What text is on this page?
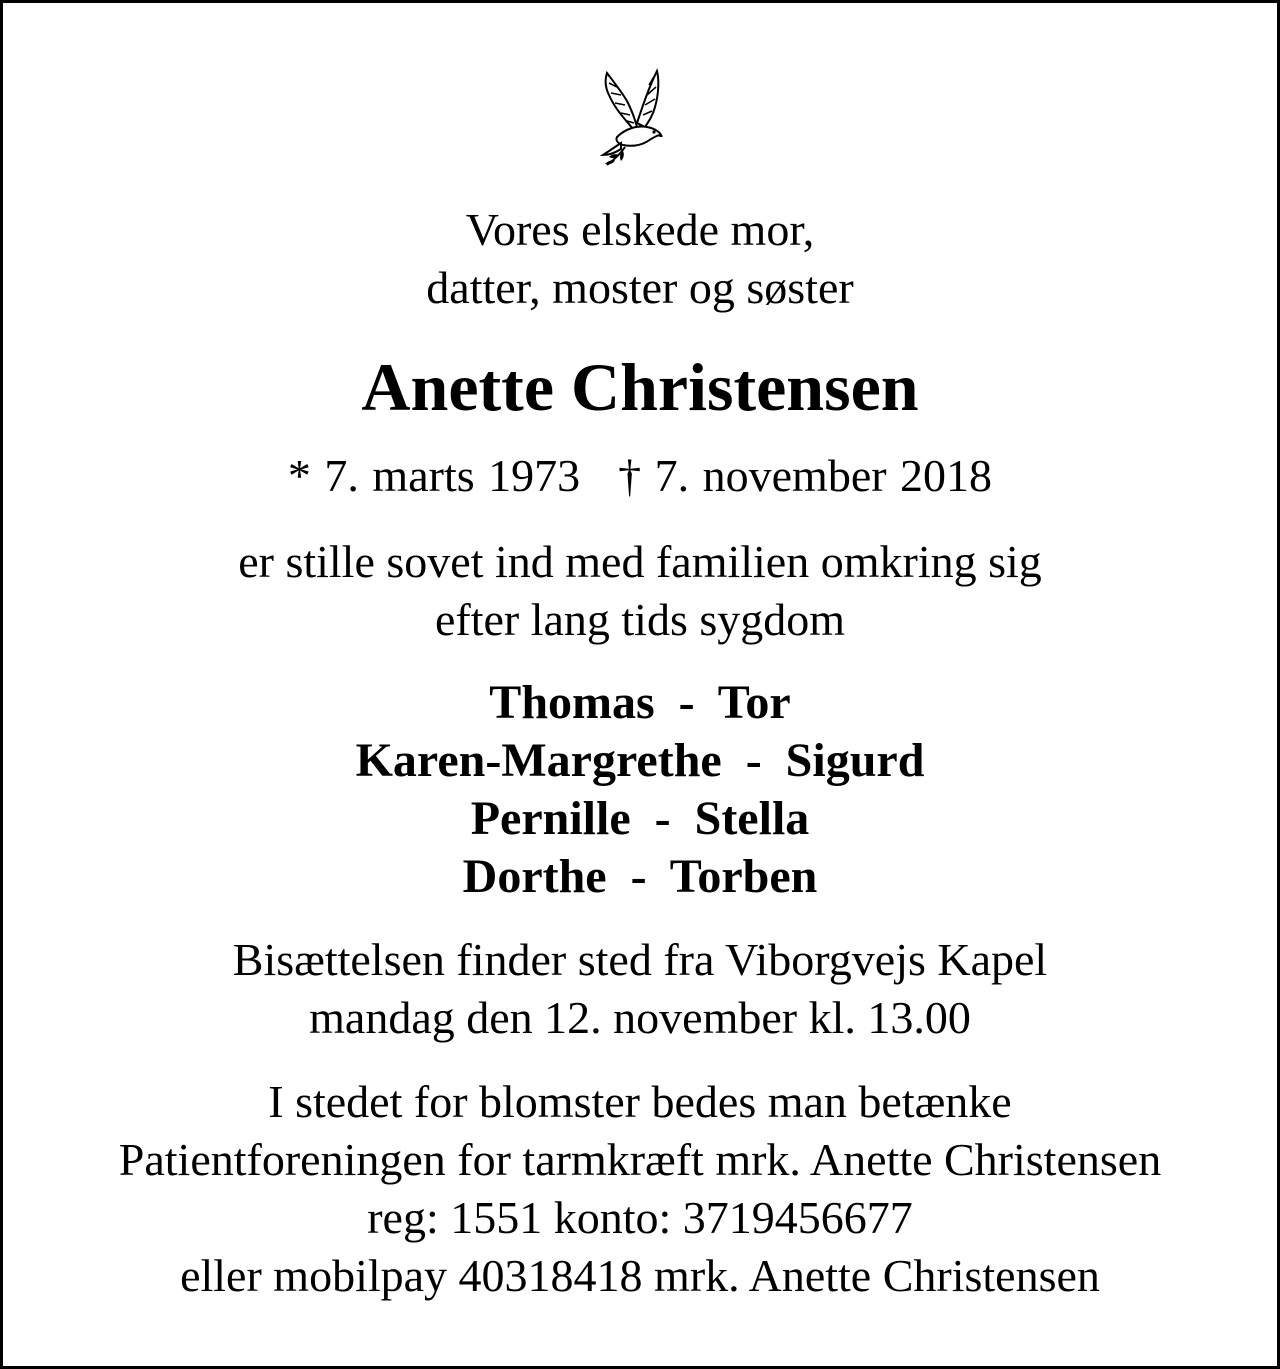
Vores elskede mor,
datter, moster og søster
Anette Christensen
* 7. marts 1973 † 7. november 2018
er stille sovet ind med familien omkring sig
efter lang tids sygdom
Thomas  -  Tor
Karen-Margrethe  -  Sigurd
Pernille  -  Stella
Dorthe  -  Torben
Bisættelsen finder sted fra Viborgvejs Kapel
mandag den 12. november kl. 13.00
I stedet for blomster bedes man betænke
Patientforeningen for tarmkræft mrk. Anette Christensen
reg: 1551 konto: 3719456677
eller mobilpay 40318418 mrk. Anette Christensen
